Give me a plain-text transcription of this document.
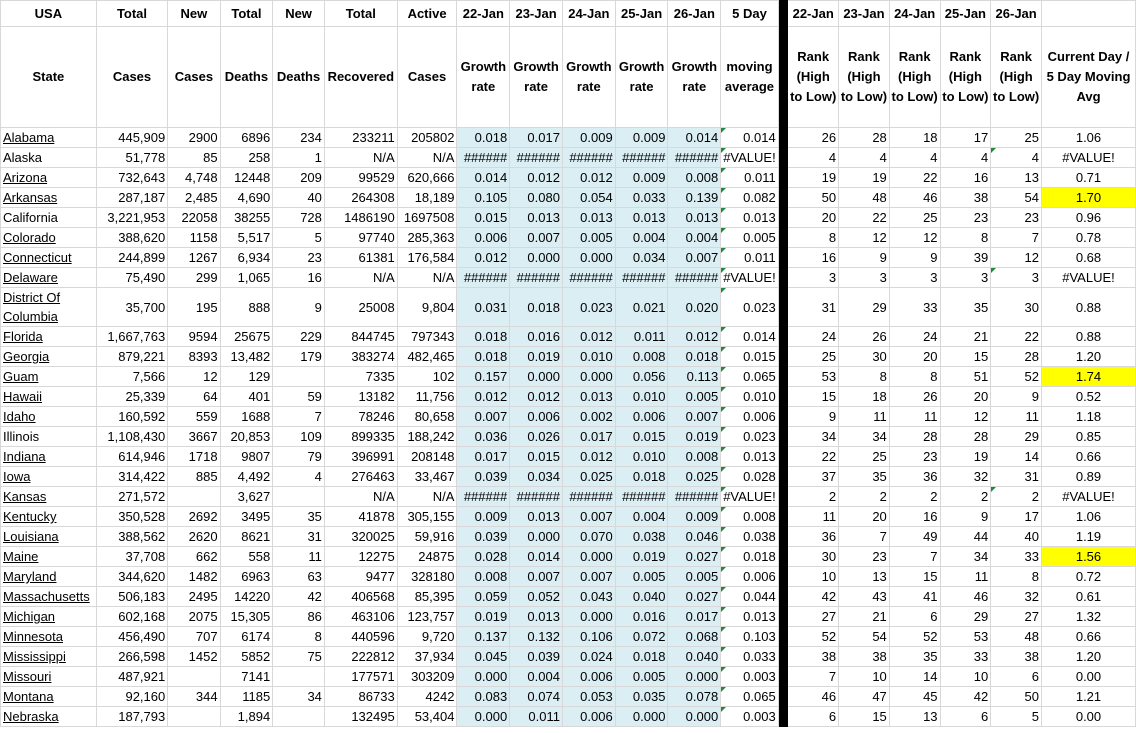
USA	Total	New	Total	New	Total	Active	22-Jan	23-Jan	24-Jan	25-Jan	26-Jan	5 Day		22-Jan	23-Jan	24-Jan	25-Jan	26-Jan	
State	Cases	Cases	Deaths	Deaths	Recovered	Cases	Growth rate	Growth rate	Growth rate	Growth rate	Growth rate	moving average		Rank (High to Low)	Rank (High to Low)	Rank (High to Low)	Rank (High to Low)	Rank (High to Low)	Current Day / 5 Day Moving Avg
Alabama	445,909	2900	6896	234	233211	205802	0.018	0.017	0.009	0.009	0.014	0.014		26	28	18	17	25	1.06
Alaska	51,778	85	258	1	N/A	N/A	######	######	######	######	######	#VALUE!		4	4	4	4	4	#VALUE!
Arizona	732,643	4,748	12448	209	99529	620,666	0.014	0.012	0.012	0.009	0.008	0.011		19	19	22	16	13	0.71
Arkansas	287,187	2,485	4,690	40	264308	18,189	0.105	0.080	0.054	0.033	0.139	0.082		50	48	46	38	54	1.70
California	3,221,953	22058	38255	728	1486190	1697508	0.015	0.013	0.013	0.013	0.013	0.013		20	22	25	23	23	0.96
Colorado	388,620	1158	5,517	5	97740	285,363	0.006	0.007	0.005	0.004	0.004	0.005		8	12	12	8	7	0.78
Connecticut	244,899	1267	6,934	23	61381	176,584	0.012	0.000	0.000	0.034	0.007	0.011		16	9	9	39	12	0.68
Delaware	75,490	299	1,065	16	N/A	N/A	######	######	######	######	######	#VALUE!		3	3	3	3	3	#VALUE!
District Of Columbia	35,700	195	888	9	25008	9,804	0.031	0.018	0.023	0.021	0.020	0.023		31	29	33	35	30	0.88
Florida	1,667,763	9594	25675	229	844745	797343	0.018	0.016	0.012	0.011	0.012	0.014		24	26	24	21	22	0.88
Georgia	879,221	8393	13,482	179	383274	482,465	0.018	0.019	0.010	0.008	0.018	0.015		25	30	20	15	28	1.20
Guam	7,566	12	129		7335	102	0.157	0.000	0.000	0.056	0.113	0.065		53	8	8	51	52	1.74
Hawaii	25,339	64	401	59	13182	11,756	0.012	0.012	0.013	0.010	0.005	0.010		15	18	26	20	9	0.52
Idaho	160,592	559	1688	7	78246	80,658	0.007	0.006	0.002	0.006	0.007	0.006		9	11	11	12	11	1.18
Illinois	1,108,430	3667	20,853	109	899335	188,242	0.036	0.026	0.017	0.015	0.019	0.023		34	34	28	28	29	0.85
Indiana	614,946	1718	9807	79	396991	208148	0.017	0.015	0.012	0.010	0.008	0.013		22	25	23	19	14	0.66
Iowa	314,422	885	4,492	4	276463	33,467	0.039	0.034	0.025	0.018	0.025	0.028		37	35	36	32	31	0.89
Kansas	271,572		3,627		N/A	N/A	######	######	######	######	######	#VALUE!		2	2	2	2	2	#VALUE!
Kentucky	350,528	2692	3495	35	41878	305,155	0.009	0.013	0.007	0.004	0.009	0.008		11	20	16	9	17	1.06
Louisiana	388,562	2620	8621	31	320025	59,916	0.039	0.000	0.070	0.038	0.046	0.038		36	7	49	44	40	1.19
Maine	37,708	662	558	11	12275	24875	0.028	0.014	0.000	0.019	0.027	0.018		30	23	7	34	33	1.56
Maryland	344,620	1482	6963	63	9477	328180	0.008	0.007	0.007	0.005	0.005	0.006		10	13	15	11	8	0.72
Massachusetts	506,183	2495	14220	42	406568	85,395	0.059	0.052	0.043	0.040	0.027	0.044		42	43	41	46	32	0.61
Michigan	602,168	2075	15,305	86	463106	123,757	0.019	0.013	0.000	0.016	0.017	0.013		27	21	6	29	27	1.32
Minnesota	456,490	707	6174	8	440596	9,720	0.137	0.132	0.106	0.072	0.068	0.103		52	54	52	53	48	0.66
Mississippi	266,598	1452	5852	75	222812	37,934	0.045	0.039	0.024	0.018	0.040	0.033		38	38	35	33	38	1.20
Missouri	487,921		7141		177571	303209	0.000	0.004	0.006	0.005	0.000	0.003		7	10	14	10	6	0.00
Montana	92,160	344	1185	34	86733	4242	0.083	0.074	0.053	0.035	0.078	0.065		46	47	45	42	50	1.21
Nebraska	187,793		1,894		132495	53,404	0.000	0.011	0.006	0.000	0.000	0.003		6	15	13	6	5	0.00
